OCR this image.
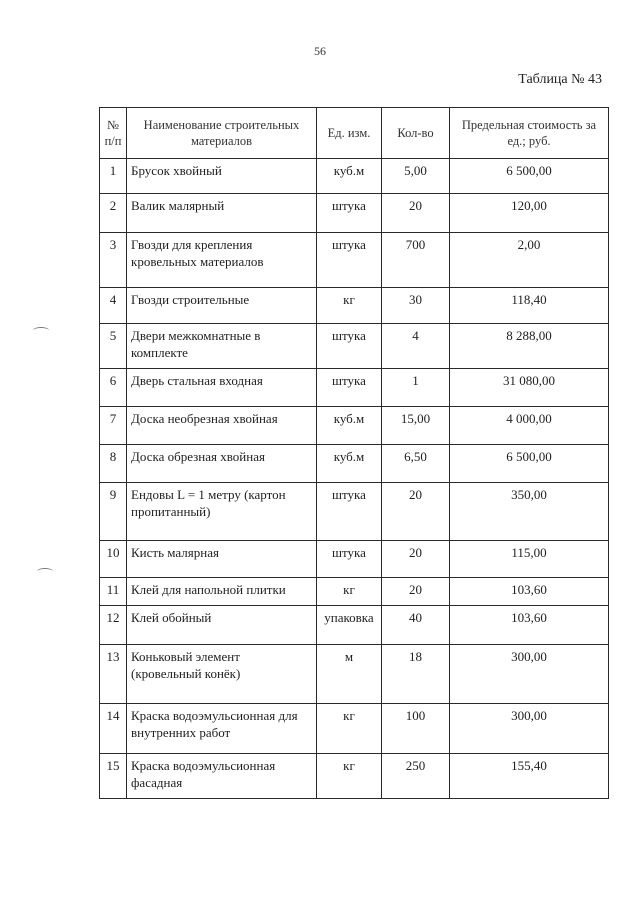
56
Таблица № 43
№ п/п	Наименование строительных материалов	Ед. изм.	Кол-во	Предельная стоимость за ед.; руб.
1	Брусок хвойный	куб.м	5,00	6 500,00
2	Валик малярный	штука	20	120,00
3	Гвозди для крепления кровельных материалов	штука	700	2,00
4	Гвозди строительные	кг	30	118,40
5	Двери межкомнатные в комплекте	штука	4	8 288,00
6	Дверь стальная входная	штука	1	31 080,00
7	Доска необрезная хвойная	куб.м	15,00	4 000,00
8	Доска обрезная хвойная	куб.м	6,50	6 500,00
9	Ендовы L = 1 метру (картон пропитанный)	штука	20	350,00
10	Кисть малярная	штука	20	115,00
11	Клей для напольной плитки	кг	20	103,60
12	Клей обойный	упаковка	40	103,60
13	Коньковый элемент (кровельный конёк)	м	18	300,00
14	Краска водоэмульсионная для внутренних работ	кг	100	300,00
15	Краска водоэмульсионная фасадная	кг	250	155,40
